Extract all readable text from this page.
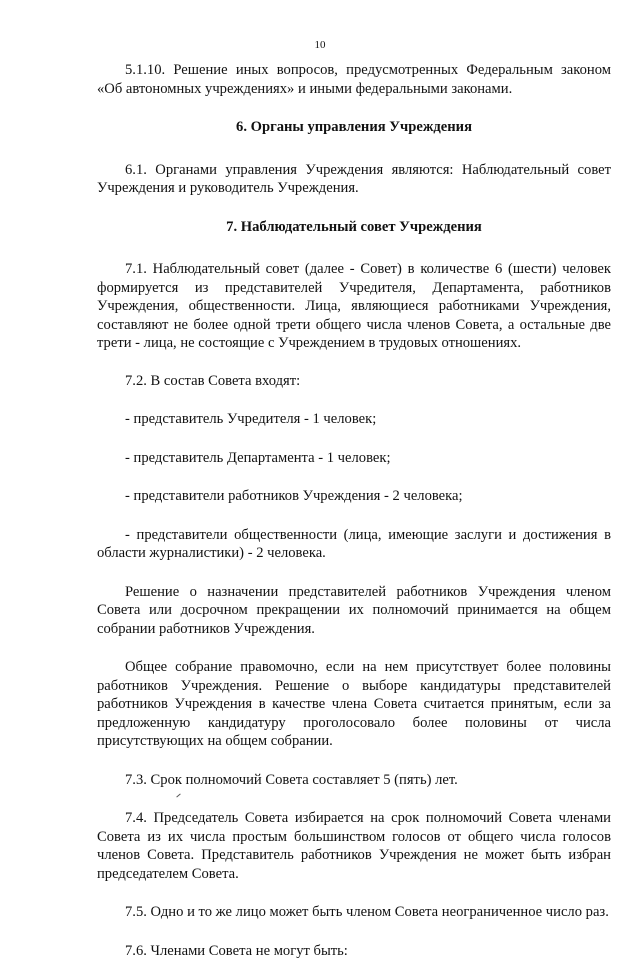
10

5.1.10. Решение иных вопросов, предусмотренных Федеральным законом «Об автономных учреждениях» и иными федеральными законами.

6. Органы управления Учреждения

6.1. Органами управления Учреждения являются: Наблюдательный совет Учреждения и руководитель Учреждения.

7. Наблюдательный совет Учреждения

7.1. Наблюдательный совет (далее - Совет) в количестве 6 (шести) человек формируется из представителей Учредителя, Департамента, работников Учреждения, общественности. Лица, являющиеся работниками Учреждения, составляют не более одной трети общего числа членов Совета, а остальные две трети - лица, не состоящие с Учреждением в трудовых отношениях.

7.2. В состав Совета входят:

- представитель Учредителя - 1 человек;

- представитель Департамента - 1 человек;

- представители работников Учреждения - 2 человека;

- представители общественности (лица, имеющие заслуги и достижения в области журналистики) - 2 человека.

Решение о назначении представителей работников Учреждения членом Совета или досрочном прекращении их полномочий принимается на общем собрании работников Учреждения.

Общее собрание правомочно, если на нем присутствует более половины работников Учреждения. Решение о выборе кандидатуры представителей работников Учреждения в качестве члена Совета считается принятым, если за предложенную кандидатуру проголосовало более половины от числа присутствующих на общем собрании.

7.3. Срок полномочий Совета составляет 5 (пять) лет.

7.4. Председатель Совета избирается на срок полномочий Совета членами Совета из их числа простым большинством голосов от общего числа голосов членов Совета. Представитель работников Учреждения не может быть избран председателем Совета.

7.5. Одно и то же лицо может быть членом Совета неограниченное число раз.

7.6. Членами Совета не могут быть:
